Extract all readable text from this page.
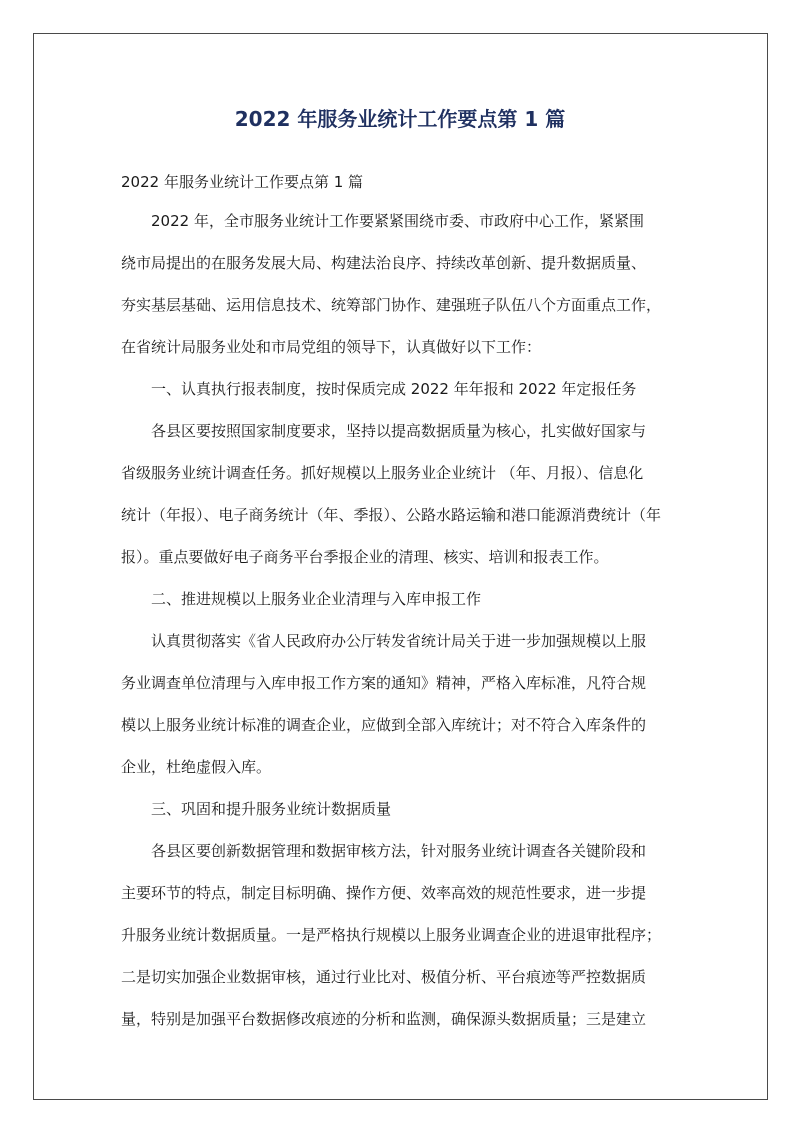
2022 年服务业统计工作要点第 1 篇

2022 年服务业统计工作要点第 1 篇

2022 年，全市服务业统计工作要紧紧围绕市委、市政府中心工作，紧紧围

绕市局提出的在服务发展大局、构建法治良序、持续改革创新、提升数据质量、

夯实基层基础、运用信息技术、统筹部门协作、建强班子队伍八个方面重点工作，

在省统计局服务业处和市局党组的领导下，认真做好以下工作：

一、认真执行报表制度，按时保质完成 2022 年年报和 2022 年定报任务

各县区要按照国家制度要求，坚持以提高数据质量为核心，扎实做好国家与

省级服务业统计调查任务。抓好规模以上服务业企业统计 （年、月报）、信息化

统计（年报）、电子商务统计（年、季报）、公路水路运输和港口能源消费统计（年

报）。重点要做好电子商务平台季报企业的清理、核实、培训和报表工作。

二、推进规模以上服务业企业清理与入库申报工作

认真贯彻落实《省人民政府办公厅转发省统计局关于进一步加强规模以上服

务业调查单位清理与入库申报工作方案的通知》精神，严格入库标准，凡符合规

模以上服务业统计标准的调查企业，应做到全部入库统计；对不符合入库条件的

企业，杜绝虚假入库。

三、巩固和提升服务业统计数据质量

各县区要创新数据管理和数据审核方法，针对服务业统计调查各关键阶段和

主要环节的特点，制定目标明确、操作方便、效率高效的规范性要求，进一步提

升服务业统计数据质量。一是严格执行规模以上服务业调查企业的进退审批程序；

二是切实加强企业数据审核，通过行业比对、极值分析、平台痕迹等严控数据质

量，特别是加强平台数据修改痕迹的分析和监测，确保源头数据质量；三是建立
